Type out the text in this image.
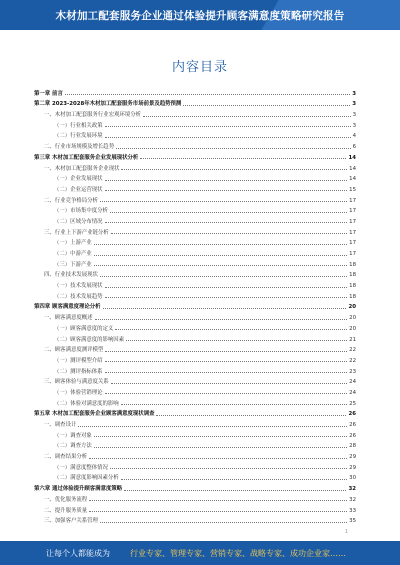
木材加工配套服务企业通过体验提升顾客满意度策略研究报告
内容目录
第一章 前言	3
第二章 2023-2028年木材加工配套服务市场前景及趋势预测	3
一、木材加工配套服务行业宏观环境分析	3
（一）行业相关政策	3
（二）行业发展环境	4
二、行业市场规模及增长趋势	6
第三章 木材加工配套服务企业发展现状分析	14
一、木材加工配套服务企业现状	14
（一）企业发展现状	14
（二）企业运营现状	15
二、行业竞争格局分析	17
（一）市场集中度分析	17
（二）区域分布情况	17
三、行业上下游产业链分析	17
（一）上游产业	17
（二）中游产业	17
（三）下游产业	18
四、行业技术发展现状	18
（一）技术发展现状	18
（二）技术发展趋势	18
第四章 顾客满意度理论分析	20
一、顾客满意度概述	20
（一）顾客满意度的定义	20
（二）顾客满意度的影响因素	21
二、顾客满意度测评模型	22
（一）测评模型介绍	22
（二）测评指标体系	23
三、顾客体验与满意度关系	24
（一）体验营销理论	24
（二）体验对满意度的影响	25
第五章 木材加工配套服务企业顾客满意度现状调查	26
一、调查设计	26
（一）调查对象	26
（二）调查方法	28
二、调查结果分析	29
（一）满意度整体情况	29
（二）满意度影响因素分析	30
第六章 通过体验提升顾客满意度策略	32
一、优化服务流程	32
二、提升服务质量	33
三、加强客户关系管理	35
1
让每个人都能成为	行业专家、管理专家、营销专家、战略专家、成功企业家……
